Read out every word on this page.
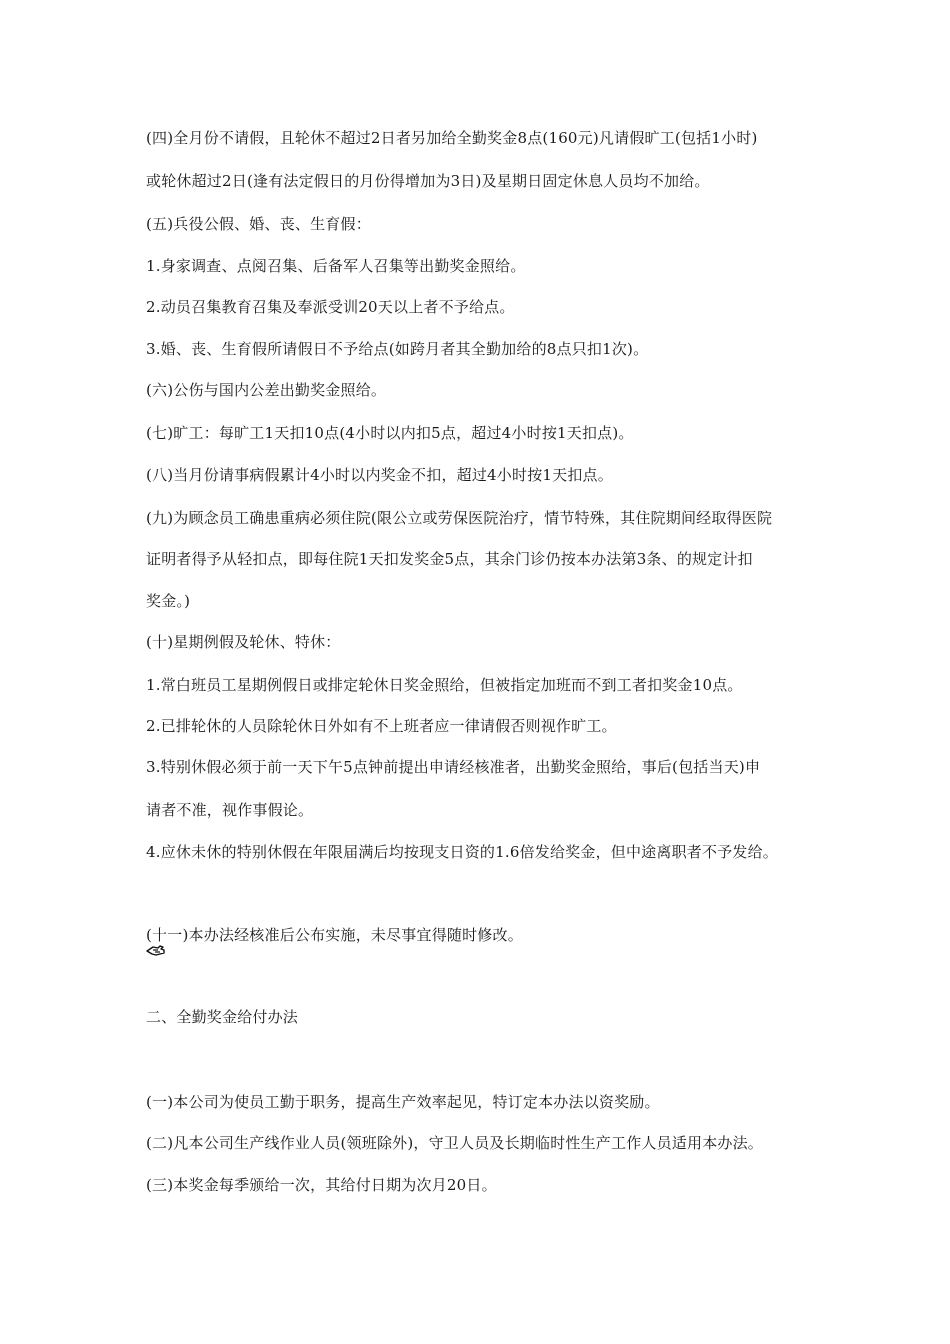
(四)全月份不请假，且轮休不超过2日者另加给全勤奖金8点(160元)凡请假旷工(包括1小时)
或轮休超过2日(逢有法定假日的月份得增加为3日)及星期日固定休息人员均不加给。
(五)兵役公假、婚、丧、生育假：
1.身家调查、点阅召集、后备军人召集等出勤奖金照给。
2.动员召集教育召集及奉派受训20天以上者不予给点。
3.婚、丧、生育假所请假日不予给点(如跨月者其全勤加给的8点只扣1次)。
(六)公伤与国内公差出勤奖金照给。
(七)旷工：每旷工1天扣10点(4小时以内扣5点，超过4小时按1天扣点)。
(八)当月份请事病假累计4小时以内奖金不扣，超过4小时按1天扣点。
(九)为顾念员工确患重病必须住院(限公立或劳保医院治疗，情节特殊，其住院期间经取得医院
证明者得予从轻扣点，即每住院1天扣发奖金5点，其余门诊仍按本办法第3条、的规定计扣
奖金。)
(十)星期例假及轮休、特休：
1.常白班员工星期例假日或排定轮休日奖金照给，但被指定加班而不到工者扣奖金10点。
2.已排轮休的人员除轮休日外如有不上班者应一律请假否则视作旷工。
3.特别休假必须于前一天下午5点钟前提出申请经核准者，出勤奖金照给，事后(包括当天)申
请者不准，视作事假论。
4.应休未休的特别休假在年限届满后均按现支日资的1.6倍发给奖金，但中途离职者不予发给。
(十一)本办法经核准后公布实施，未尽事宜得随时修改。
二、全勤奖金给付办法
(一)本公司为使员工勤于职务，提高生产效率起见，特订定本办法以资奖励。
(二)凡本公司生产线作业人员(领班除外)，守卫人员及长期临时性生产工作人员适用本办法。
(三)本奖金每季颁给一次，其给付日期为次月20日。
